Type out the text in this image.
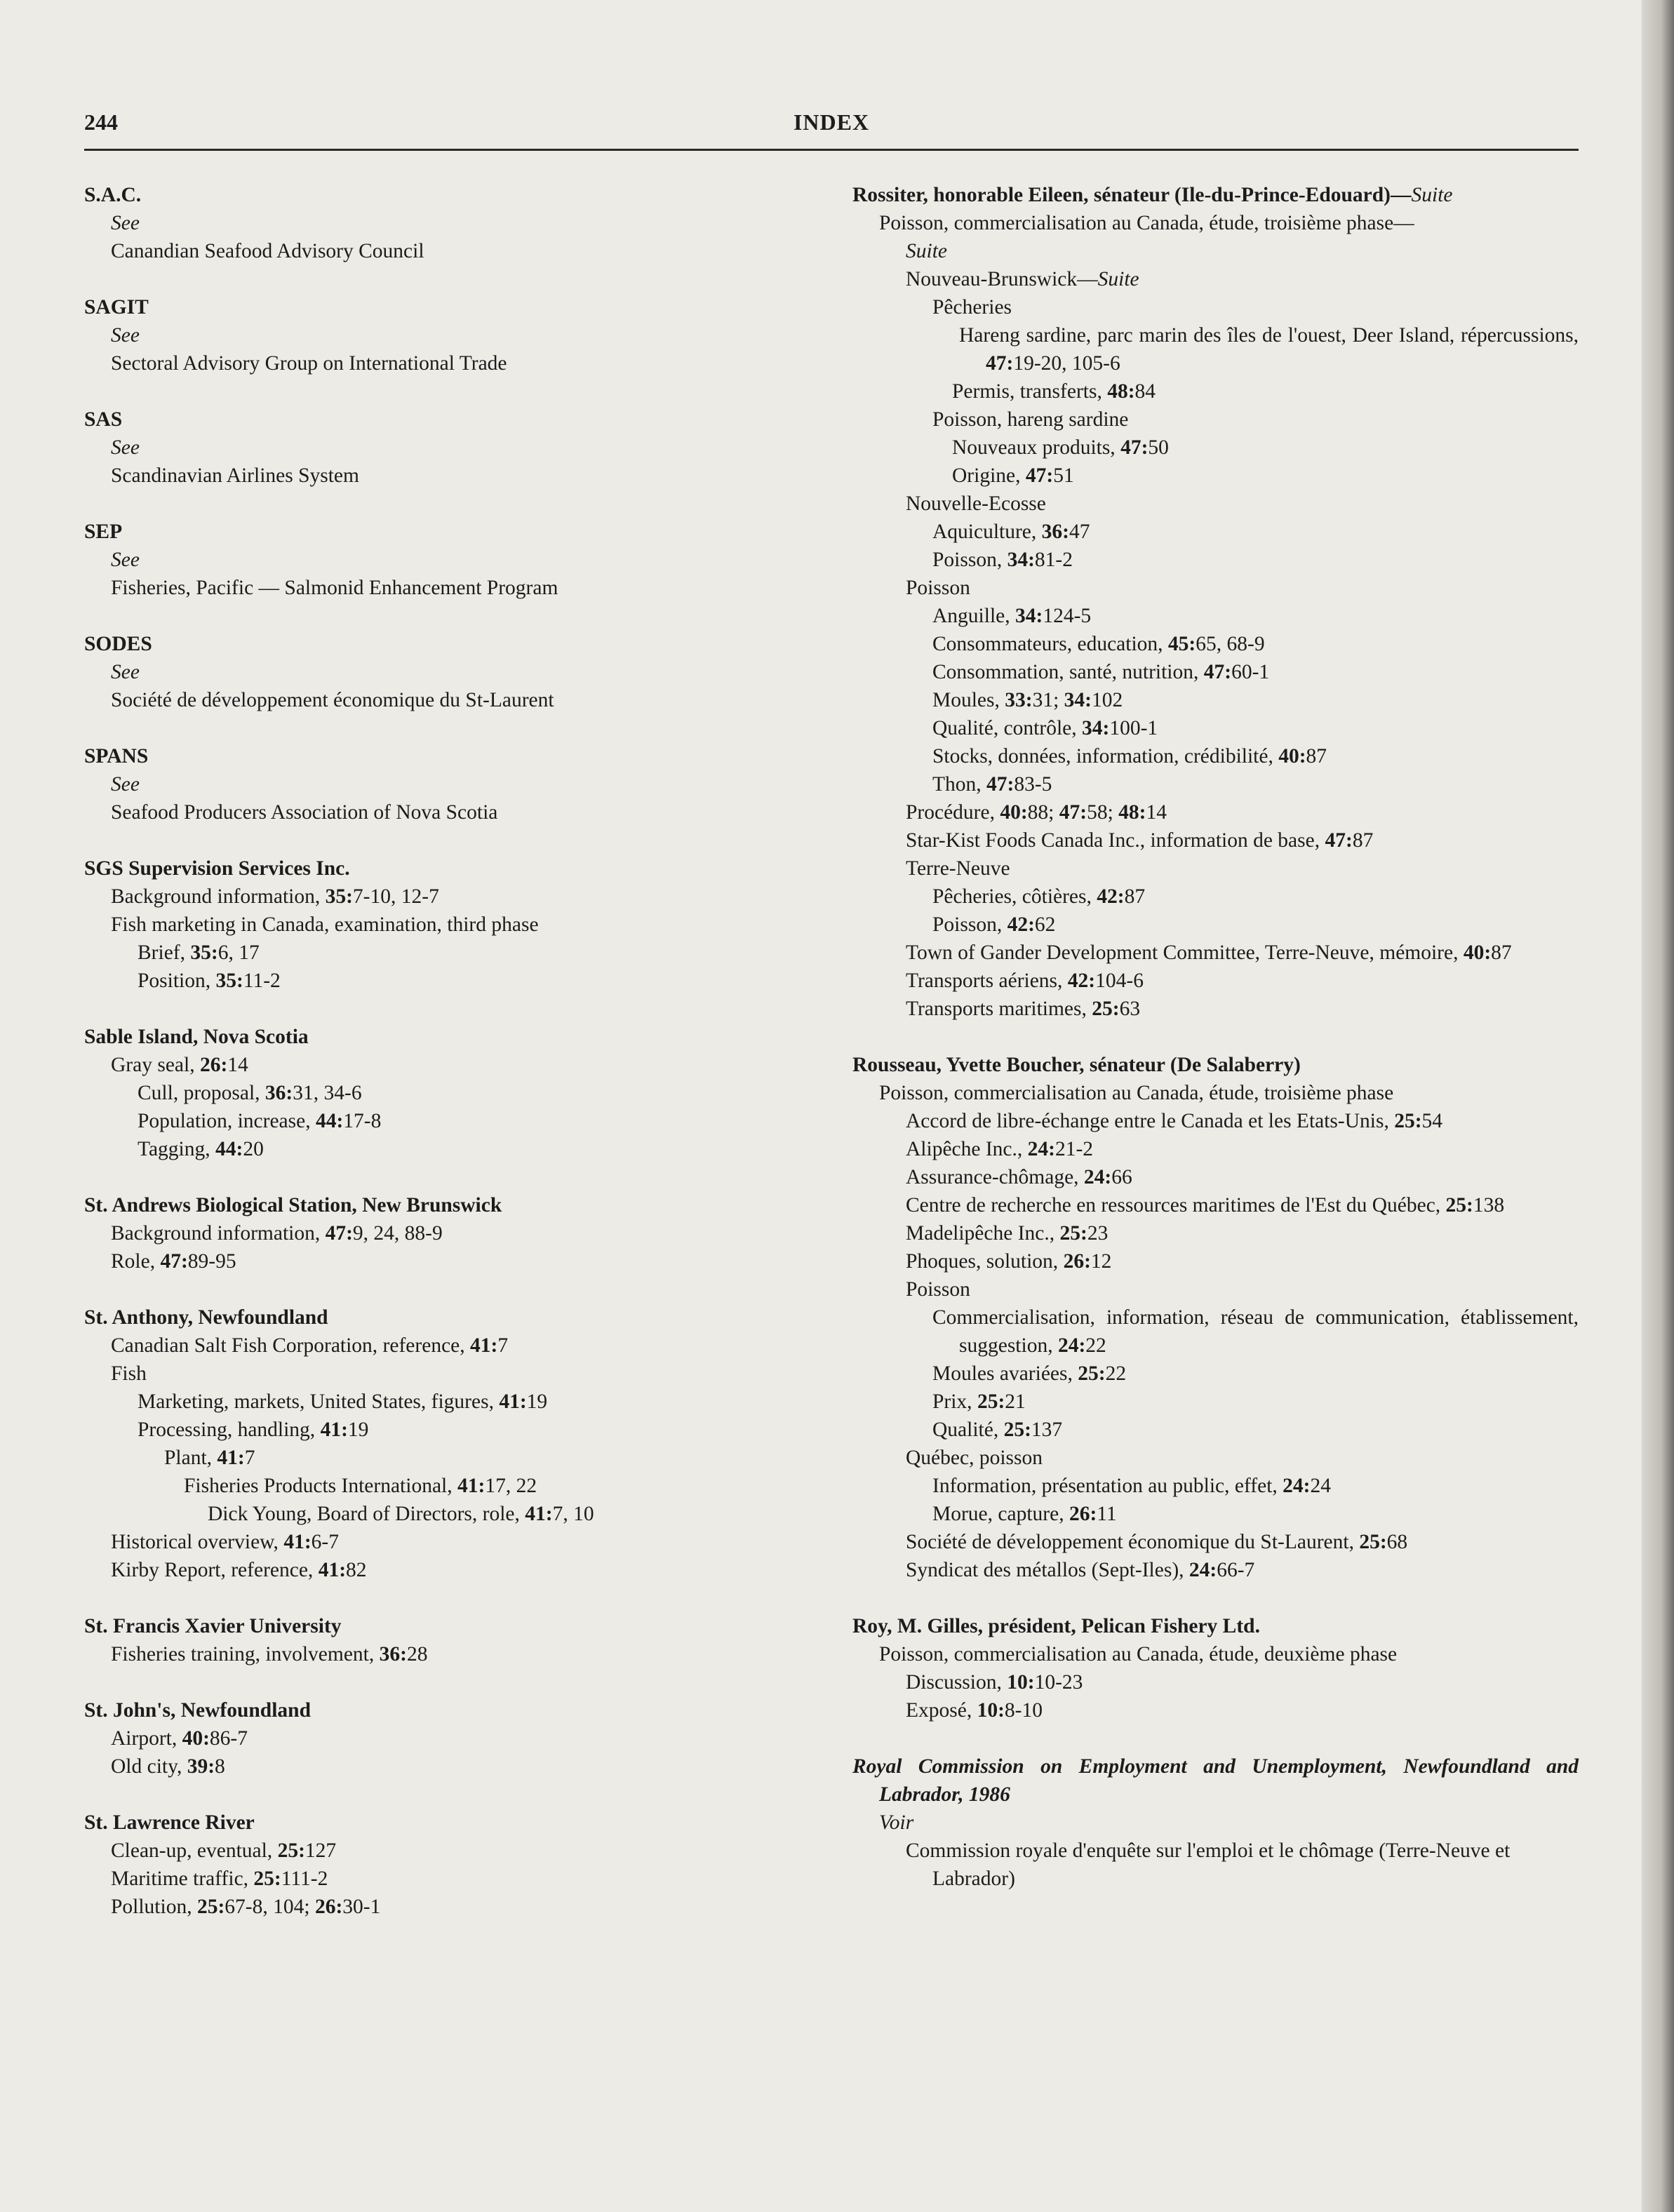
244	INDEX
S.A.C.
See
Canandian Seafood Advisory Council
SAGIT
See
Sectoral Advisory Group on International Trade
SAS
See
Scandinavian Airlines System
SEP
See
Fisheries, Pacific — Salmonid Enhancement Program
SODES
See
Société de développement économique du St-Laurent
SPANS
See
Seafood Producers Association of Nova Scotia
SGS Supervision Services Inc.
Background information, 35:7-10, 12-7
Fish marketing in Canada, examination, third phase
Brief, 35:6, 17
Position, 35:11-2
Sable Island, Nova Scotia
Gray seal, 26:14
Cull, proposal, 36:31, 34-6
Population, increase, 44:17-8
Tagging, 44:20
St. Andrews Biological Station, New Brunswick
Background information, 47:9, 24, 88-9
Role, 47:89-95
St. Anthony, Newfoundland
Canadian Salt Fish Corporation, reference, 41:7
Fish
Marketing, markets, United States, figures, 41:19
Processing, handling, 41:19
Plant, 41:7
Fisheries Products International, 41:17, 22
Dick Young, Board of Directors, role, 41:7, 10
Historical overview, 41:6-7
Kirby Report, reference, 41:82
St. Francis Xavier University
Fisheries training, involvement, 36:28
St. John's, Newfoundland
Airport, 40:86-7
Old city, 39:8
St. Lawrence River
Clean-up, eventual, 25:127
Maritime traffic, 25:111-2
Pollution, 25:67-8, 104; 26:30-1
Rossiter, honorable Eileen, sénateur (Ile-du-Prince-Edouard)—Suite
Poisson, commercialisation au Canada, étude, troisième phase—
Suite
Nouveau-Brunswick—Suite
Pêcheries
Hareng sardine, parc marin des îles de l'ouest, Deer Island, répercussions, 47:19-20, 105-6
Permis, transferts, 48:84
Poisson, hareng sardine
Nouveaux produits, 47:50
Origine, 47:51
Nouvelle-Ecosse
Aquiculture, 36:47
Poisson, 34:81-2
Poisson
Anguille, 34:124-5
Consommateurs, education, 45:65, 68-9
Consommation, santé, nutrition, 47:60-1
Moules, 33:31; 34:102
Qualité, contrôle, 34:100-1
Stocks, données, information, crédibilité, 40:87
Thon, 47:83-5
Procédure, 40:88; 47:58; 48:14
Star-Kist Foods Canada Inc., information de base, 47:87
Terre-Neuve
Pêcheries, côtières, 42:87
Poisson, 42:62
Town of Gander Development Committee, Terre-Neuve, mémoire, 40:87
Transports aériens, 42:104-6
Transports maritimes, 25:63
Rousseau, Yvette Boucher, sénateur (De Salaberry)
Poisson, commercialisation au Canada, étude, troisième phase
Accord de libre-échange entre le Canada et les Etats-Unis, 25:54
Alipêche Inc., 24:21-2
Assurance-chômage, 24:66
Centre de recherche en ressources maritimes de l'Est du Québec, 25:138
Madelipêche Inc., 25:23
Phoques, solution, 26:12
Poisson
Commercialisation, information, réseau de communication, établissement, suggestion, 24:22
Moules avariées, 25:22
Prix, 25:21
Qualité, 25:137
Québec, poisson
Information, présentation au public, effet, 24:24
Morue, capture, 26:11
Société de développement économique du St-Laurent, 25:68
Syndicat des métallos (Sept-Iles), 24:66-7
Roy, M. Gilles, président, Pelican Fishery Ltd.
Poisson, commercialisation au Canada, étude, deuxième phase
Discussion, 10:10-23
Exposé, 10:8-10
Royal Commission on Employment and Unemployment, Newfoundland and Labrador, 1986
Voir
Commission royale d'enquête sur l'emploi et le chômage (Terre-Neuve et Labrador)
